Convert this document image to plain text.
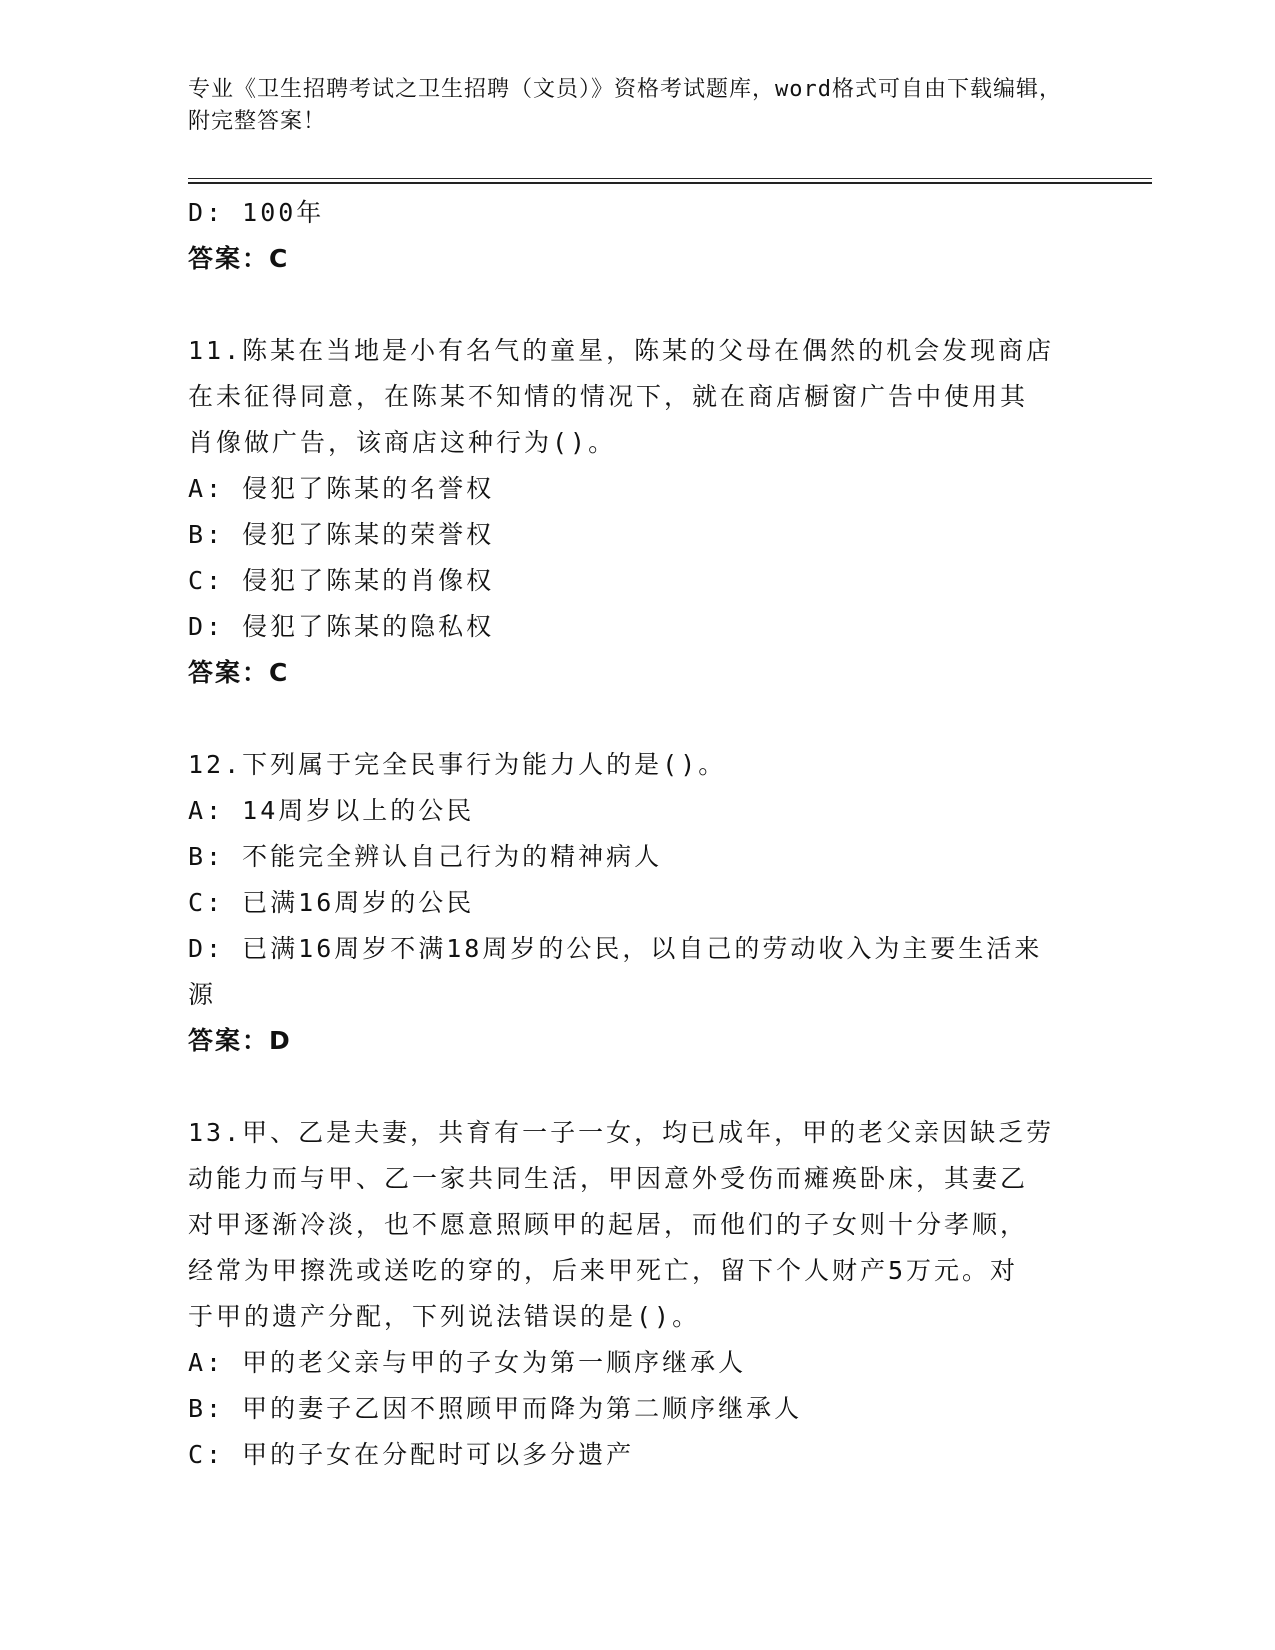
专业《卫生招聘考试之卫生招聘（文员）》资格考试题库，word格式可自由下载编辑，附完整答案！
D: 100年
答案：C
11.陈某在当地是小有名气的童星，陈某的父母在偶然的机会发现商店
在未征得同意，在陈某不知情的情况下，就在商店橱窗广告中使用其
肖像做广告，该商店这种行为()。
A: 侵犯了陈某的名誉权
B: 侵犯了陈某的荣誉权
C: 侵犯了陈某的肖像权
D: 侵犯了陈某的隐私权
答案：C
12.下列属于完全民事行为能力人的是()。
A: 14周岁以上的公民
B: 不能完全辨认自己行为的精神病人
C: 已满16周岁的公民
D: 已满16周岁不满18周岁的公民，以自己的劳动收入为主要生活来
源
答案：D
13.甲、乙是夫妻，共育有一子一女，均已成年，甲的老父亲因缺乏劳
动能力而与甲、乙一家共同生活，甲因意外受伤而瘫痪卧床，其妻乙
对甲逐渐冷淡，也不愿意照顾甲的起居，而他们的子女则十分孝顺，
经常为甲擦洗或送吃的穿的，后来甲死亡，留下个人财产5万元。对
于甲的遗产分配，下列说法错误的是()。
A: 甲的老父亲与甲的子女为第一顺序继承人
B: 甲的妻子乙因不照顾甲而降为第二顺序继承人
C: 甲的子女在分配时可以多分遗产
